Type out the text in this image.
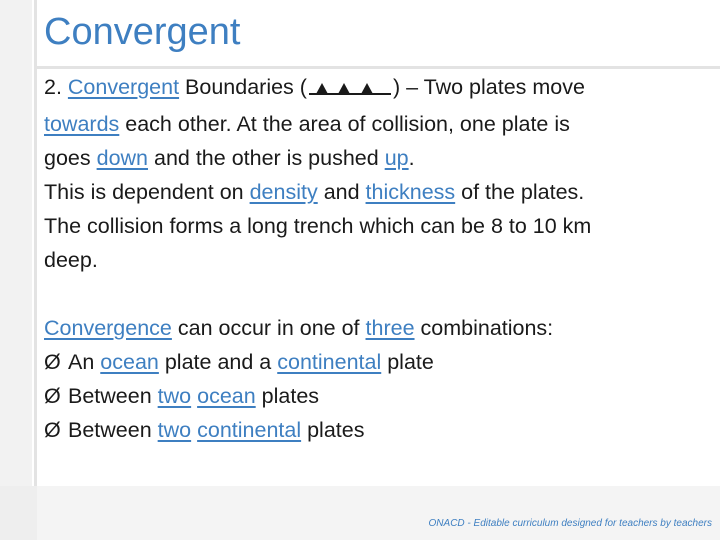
Convergent

2. Convergent Boundaries (	) – Two plates move

towards each other. At the area of collision, one plate is

goes down and the other is pushed up.

This is dependent on density and thickness of the plates.

The collision forms a long trench which can be 8 to 10 km

deep.

Convergence can occur in one of three combinations:

Ø An ocean plate and a continental plate

Ø Between two ocean plates

Ø Between two continental plates

ONACD - Editable curriculum designed for teachers by teachers
